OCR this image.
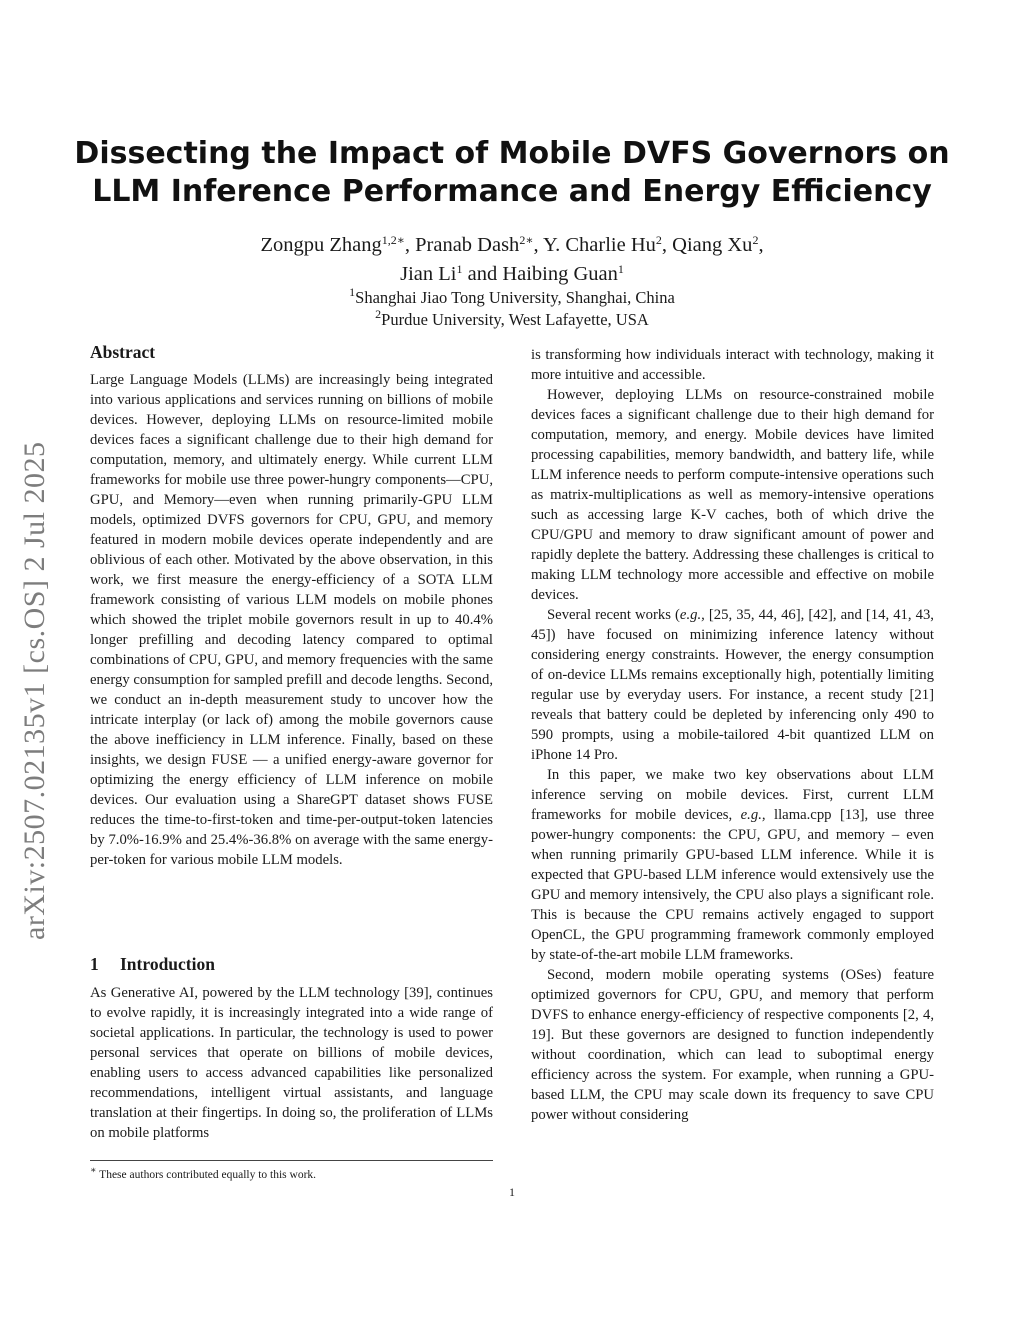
arXiv:2507.02135v1 [cs.OS] 2 Jul 2025
Dissecting the Impact of Mobile DVFS Governors on
LLM Inference Performance and Energy Efficiency
Zongpu Zhang$^{1,2∗}$, Pranab Dash$^{2∗}$, Y. Charlie Hu$^2$, Qiang Xu$^2$,
Jian Li$^1$ and Haibing Guan$^1$
$^1$Shanghai Jiao Tong University, Shanghai, China
$^2$Purdue University, West Lafayette, USA
Abstract

Large Language Models (LLMs) are increasingly being integrated into various applications and services running on billions of mobile devices. However, deploying LLMs on resource-limited mobile devices faces a significant challenge due to their high demand for computation, memory, and ultimately energy. While current LLM frameworks for mobile use three power-hungry components—CPU, GPU, and Memory—even when running primarily-GPU LLM models, optimized DVFS governors for CPU, GPU, and memory featured in modern mobile devices operate independently and are oblivious of each other. Motivated by the above observation, in this work, we first measure the energy-efficiency of a SOTA LLM framework consisting of various LLM models on mobile phones which showed the triplet mobile governors result in up to 40.4% longer prefilling and decoding latency compared to optimal combinations of CPU, GPU, and memory frequencies with the same energy consumption for sampled prefill and decode lengths. Second, we conduct an in-depth measurement study to uncover how the intricate interplay (or lack of) among the mobile governors cause the above inefficiency in LLM inference. Finally, based on these insights, we design FUSE — a unified energy-aware governor for optimizing the energy efficiency of LLM inference on mobile devices. Our evaluation using a ShareGPT dataset shows FUSE reduces the time-to-first-token and time-per-output-token latencies by 7.0%-16.9% and 25.4%-36.8% on average with the same energy-per-token for various mobile LLM models.

1 Introduction

As Generative AI, powered by the LLM technology [39], continues to evolve rapidly, it is increasingly integrated into a wide range of societal applications. In particular, the technology is used to power personal services that operate on billions of mobile devices, enabling users to access advanced capabilities like personalized recommendations, intelligent virtual assistants, and language translation at their fingertips. In doing so, the proliferation of LLMs on mobile platforms

is transforming how individuals interact with technology, making it more intuitive and accessible.

However, deploying LLMs on resource-constrained mobile devices faces a significant challenge due to their high demand for computation, memory, and energy. Mobile devices have limited processing capabilities, memory bandwidth, and battery life, while LLM inference needs to perform compute-intensive operations such as matrix-multiplications as well as memory-intensive operations such as accessing large K-V caches, both of which drive the CPU/GPU and memory to draw significant amount of power and rapidly deplete the battery. Addressing these challenges is critical to making LLM technology more accessible and effective on mobile devices.

Several recent works (e.g., [25, 35, 44, 46], [42], and [14, 41, 43, 45]) have focused on minimizing inference latency without considering energy constraints. However, the energy consumption of on-device LLMs remains exceptionally high, potentially limiting regular use by everyday users. For instance, a recent study [21] reveals that battery could be depleted by inferencing only 490 to 590 prompts, using a mobile-tailored 4-bit quantized LLM on iPhone 14 Pro.

In this paper, we make two key observations about LLM inference serving on mobile devices. First, current LLM frameworks for mobile devices, e.g., llama.cpp [13], use three power-hungry components: the CPU, GPU, and memory – even when running primarily GPU-based LLM inference. While it is expected that GPU-based LLM inference would extensively use the GPU and memory intensively, the CPU also plays a significant role. This is because the CPU remains actively engaged to support OpenCL, the GPU programming framework commonly employed by state-of-the-art mobile LLM frameworks.

Second, modern mobile operating systems (OSes) feature optimized governors for CPU, GPU, and memory that perform DVFS to enhance energy-efficiency of respective components [2, 4, 19]. But these governors are designed to function independently without coordination, which can lead to suboptimal energy efficiency across the system. For example, when running a GPU-based LLM, the CPU may scale down its frequency to save CPU power without considering

∗ These authors contributed equally to this work.
1
